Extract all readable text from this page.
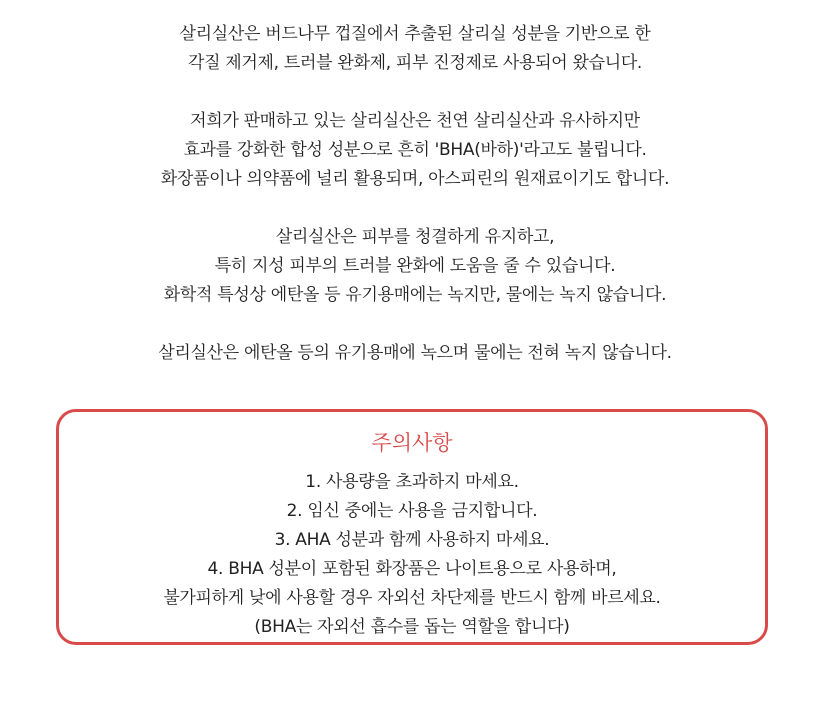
살리실산은 버드나무 껍질에서 추출된 살리실 성분을 기반으로 한
각질 제거제, 트러블 완화제, 피부 진정제로 사용되어 왔습니다.
저희가 판매하고 있는 살리실산은 천연 살리실산과 유사하지만
효과를 강화한 합성 성분으로 흔히 'BHA(바하)'라고도 불립니다.
화장품이나 의약품에 널리 활용되며, 아스피린의 원재료이기도 합니다.
살리실산은 피부를 청결하게 유지하고,
특히 지성 피부의 트러블 완화에 도움을 줄 수 있습니다.
화학적 특성상 에탄올 등 유기용매에는 녹지만, 물에는 녹지 않습니다.
살리실산은 에탄올 등의 유기용매에 녹으며 물에는 전혀 녹지 않습니다.
주의사항
1. 사용량을 초과하지 마세요.
2. 임신 중에는 사용을 금지합니다.
3. AHA 성분과 함께 사용하지 마세요.
4. BHA 성분이 포함된 화장품은 나이트용으로 사용하며,
불가피하게 낮에 사용할 경우 자외선 차단제를 반드시 함께 바르세요.
(BHA는 자외선 흡수를 돕는 역할을 합니다)
